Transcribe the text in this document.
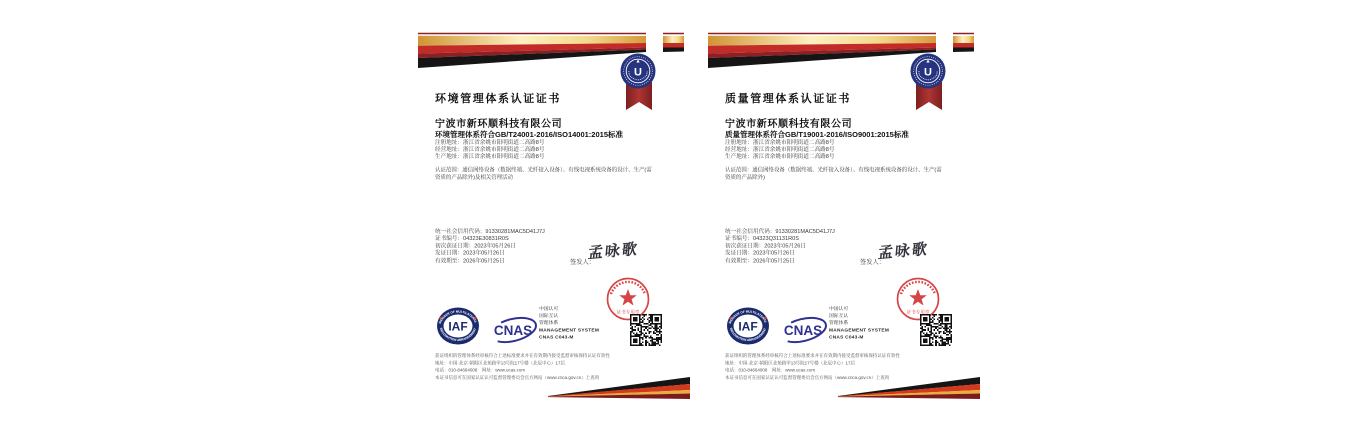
U
环境管理体系认证证书
宁波市新环顺科技有限公司
环境管理体系符合GB/T24001-2016/ISO14001:2015标准
注册地址：浙江省余姚市阳明街道二高路8号
经营地址：浙江省余姚市阳明街道二高路8号
生产地址：浙江省余姚市阳明街道二高路8号
认证范围：通信网络设备（数据终端、光纤接入设备）、有线电视系统设备的设计、生产(需
资质的产品除外)及相关管理活动
统一社会信用代码：91330281MAC5D41J7J
证书编号：04323E30831R0S
初次获证日期：2023年05月26日
发证日期：2023年05月26日
有效期至：2026年05月25日	签发人：
孟咏歌
证书专用章
MEMBER OF MULTILATERAL
RECOGNITION ARRANGEMENT
IAF CNAS
中国认可
国际互认
管理体系
MANAGEMENT SYSTEM
CNAS C043-M
获证组织的管理体系经审核符合上述标准要求并在有效期内接受监督审核保持认证有效性
地址：中国·北京·朝阳区北苑路甲13号院17号楼（北辰中心）17层
电话：010-84664008　网址：www.ucas.com
本证书信息可在国家认证认可监督管理委员会官方网站（www.cnca.gov.cn）上查询
U
质量管理体系认证证书
宁波市新环顺科技有限公司
质量管理体系符合GB/T19001-2016/ISO9001:2015标准
注册地址：浙江省余姚市阳明街道二高路8号
经营地址：浙江省余姚市阳明街道二高路8号
生产地址：浙江省余姚市阳明街道二高路8号
认证范围：通信网络设备（数据终端、光纤接入设备）、有线电视系统设备的设计、生产(需
资质的产品除外)
统一社会信用代码：91330281MAC5D41J7J
证书编号：04323Q31131R0S
初次获证日期：2023年05月26日
发证日期：2023年05月26日
有效期至：2026年05月25日	签发人：
孟咏歌
证书专用章
MEMBER OF MULTILATERAL
RECOGNITION ARRANGEMENT
IAF CNAS
中国认可
国际互认
管理体系
MANAGEMENT SYSTEM
CNAS C043-M
获证组织的管理体系经审核符合上述标准要求并在有效期内接受监督审核保持认证有效性
地址：中国·北京·朝阳区北苑路甲13号院17号楼（北辰中心）17层
电话：010-84664008　网址：www.ucas.com
本证书信息可在国家认证认可监督管理委员会官方网站（www.cnca.gov.cn）上查询
